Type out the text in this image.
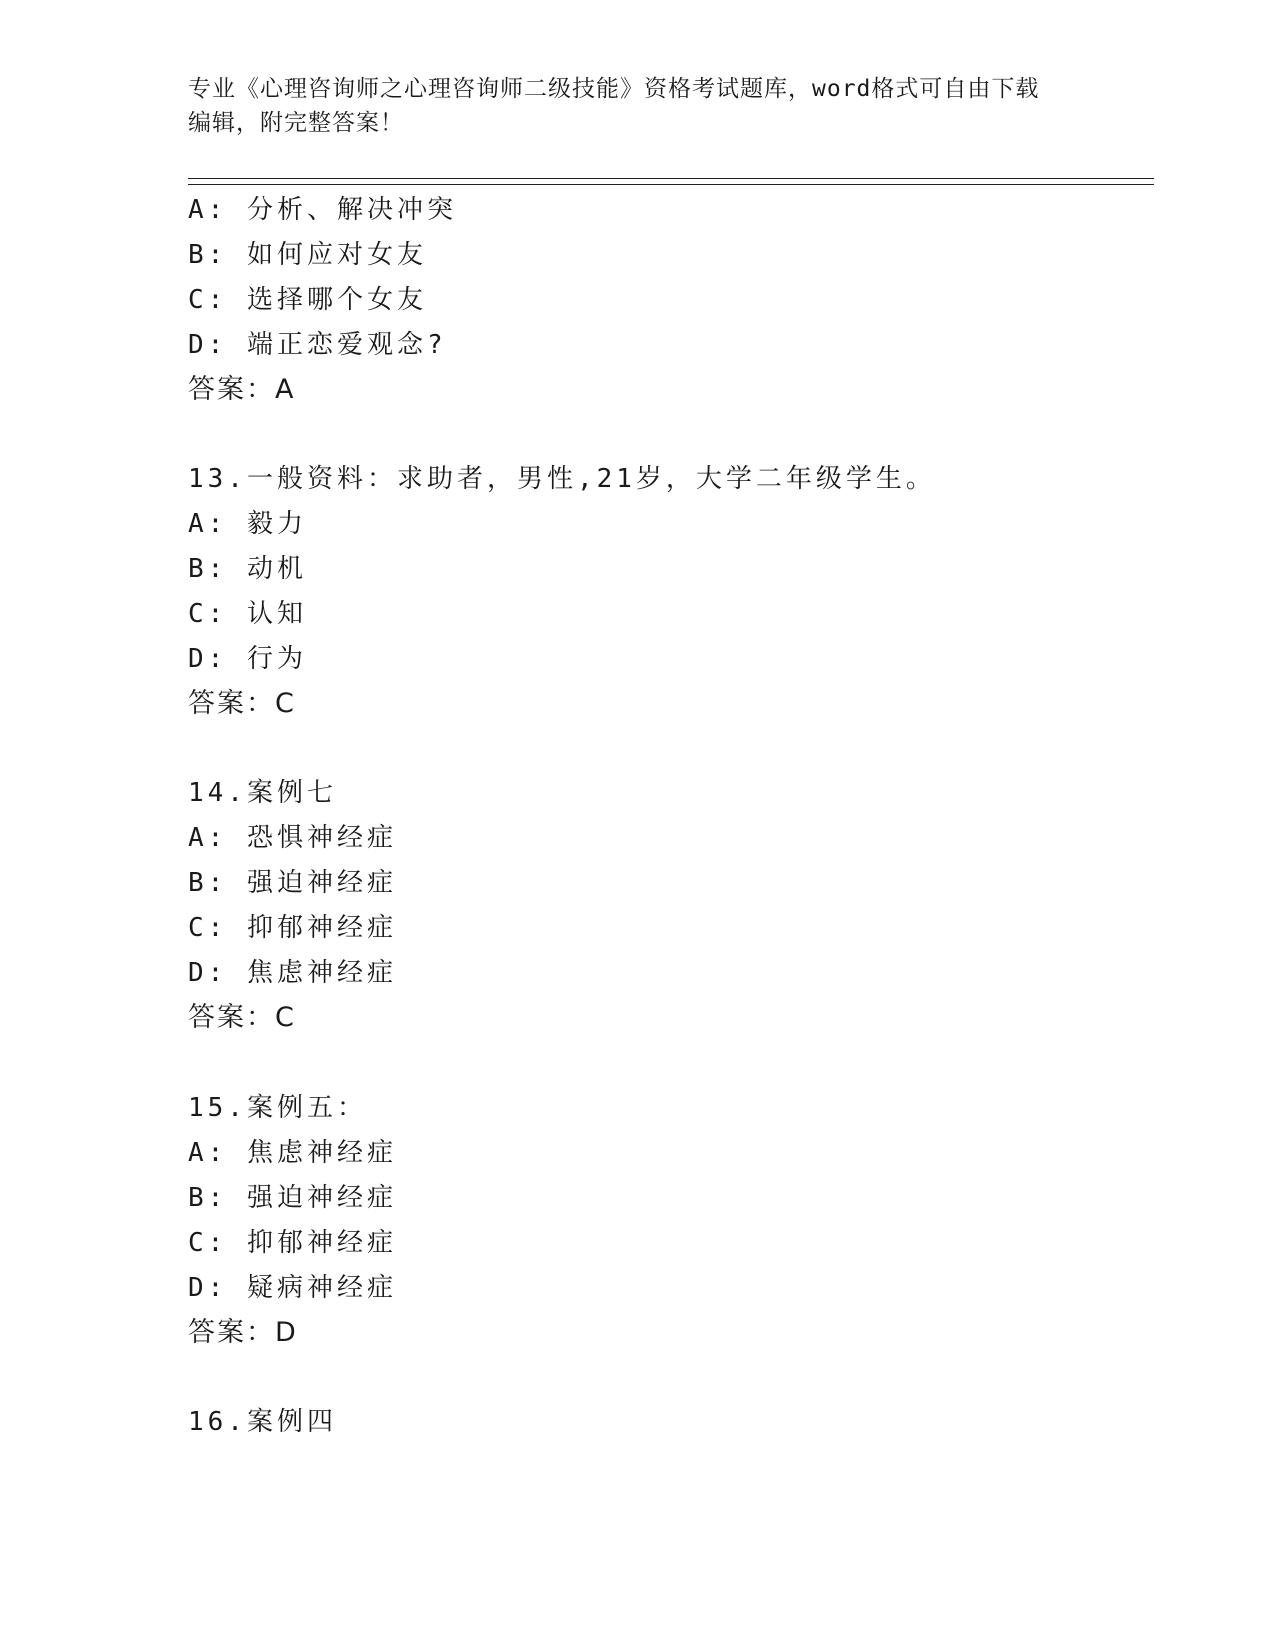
专业《心理咨询师之心理咨询师二级技能》资格考试题库，word格式可自由下载
编辑，附完整答案！
A: 分析、解决冲突
B: 如何应对女友
C: 选择哪个女友
D: 端正恋爱观念?
答案：A
13.一般资料：求助者，男性,21岁，大学二年级学生。
A: 毅力
B: 动机
C: 认知
D: 行为
答案：C
14.案例七
A: 恐惧神经症
B: 强迫神经症
C: 抑郁神经症
D: 焦虑神经症
答案：C
15.案例五：
A: 焦虑神经症
B: 强迫神经症
C: 抑郁神经症
D: 疑病神经症
答案：D
16.案例四
